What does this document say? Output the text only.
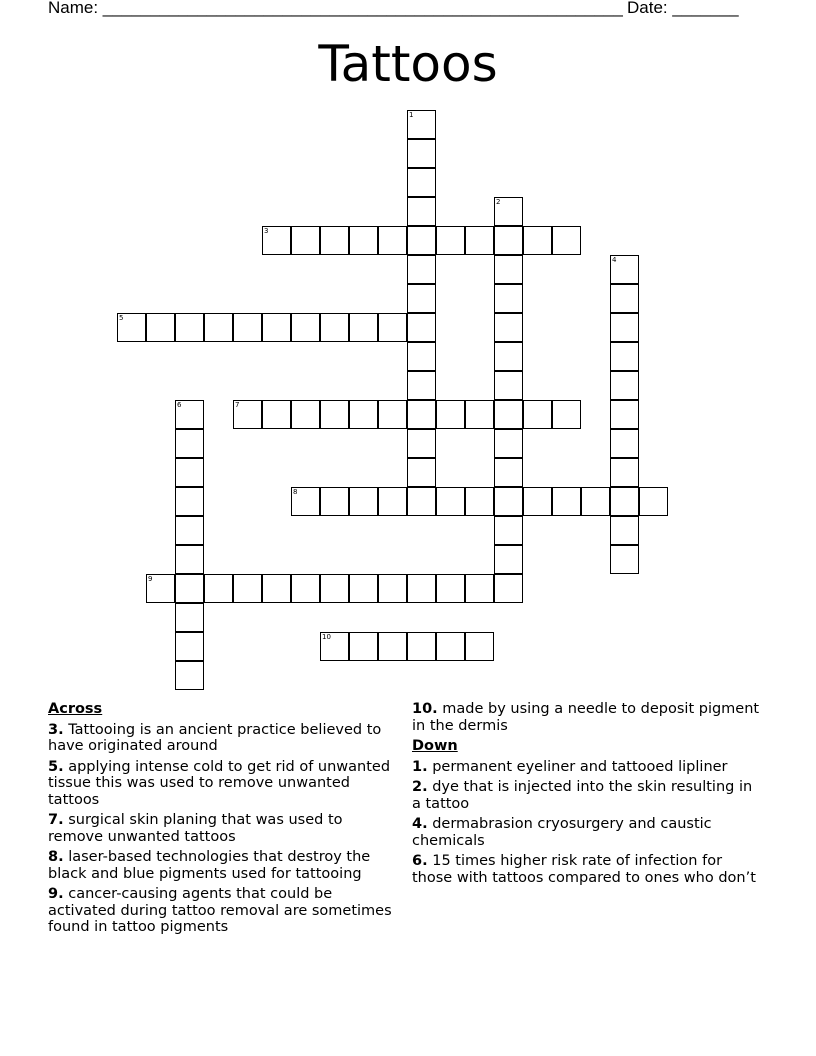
Name: _______________________________________________________ Date: _______
Tattoos
1
2
3
4
5
6	7
8
9
10
Across
3. Tattooing is an ancient practice believed to have originated around
5. applying intense cold to get rid of unwanted tissue this was used to remove unwanted tattoos
7. surgical skin planing that was used to remove unwanted tattoos
8. laser-based technologies that destroy the black and blue pigments used for tattooing
9. cancer-causing agents that could be activated during tattoo removal are sometimes found in tattoo pigments
10. made by using a needle to deposit pigment in the dermis
Down
1. permanent eyeliner and tattooed lipliner
2. dye that is injected into the skin resulting in a tattoo
4. dermabrasion cryosurgery and caustic chemicals
6. 15 times higher risk rate of infection for those with tattoos compared to ones who don’t
